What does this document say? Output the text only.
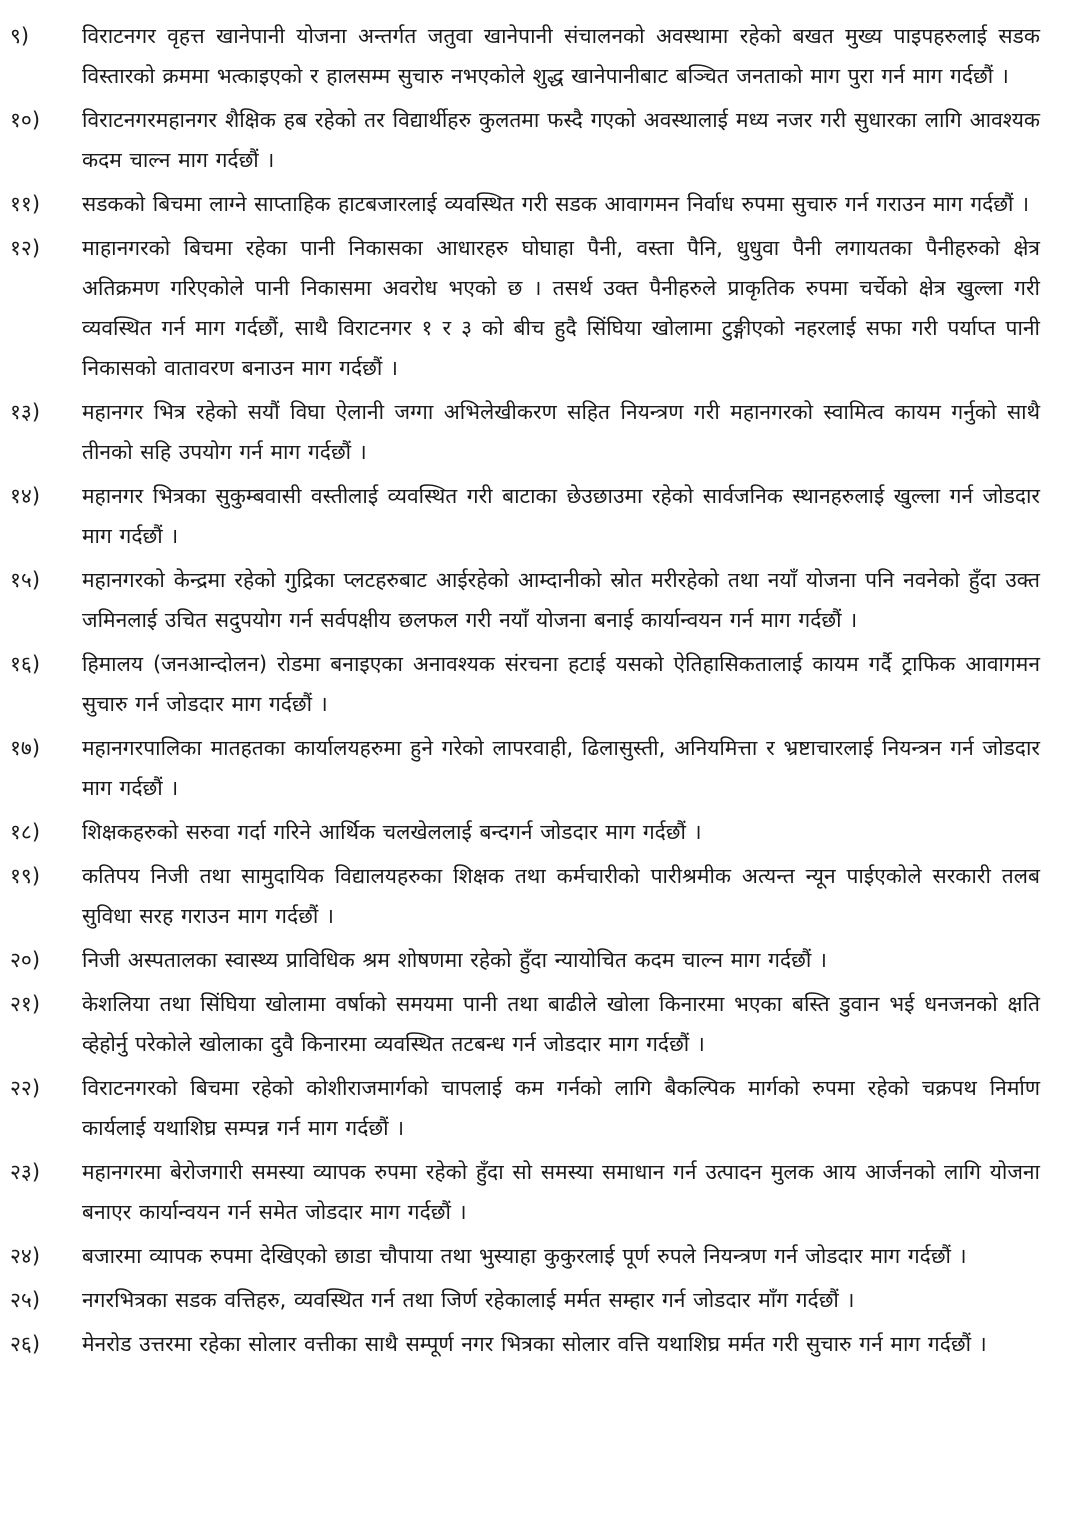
९)	विराटनगर वृहत्त खानेपानी योजना अन्तर्गत जतुवा खानेपानी संचालनको अवस्थामा रहेको बखत मुख्य पाइपहरुलाई सडक विस्तारको क्रममा भत्काइएको र हालसम्म सुचारु नभएकोले शुद्ध खानेपानीबाट बञ्चित जनताको माग पुरा गर्न माग गर्दछौं ।
१०)	विराटनगरमहानगर शैक्षिक हब रहेको तर विद्यार्थीहरु कुलतमा फस्दै गएको अवस्थालाई मध्य नजर गरी सुधारका लागि आवश्यक कदम चाल्न माग गर्दछौं ।
११)	सडकको बिचमा लाग्ने साप्ताहिक हाटबजारलाई व्यवस्थित गरी सडक आवागमन निर्वाध रुपमा सुचारु गर्न गराउन माग गर्दछौं ।
१२)	माहानगरको बिचमा रहेका पानी निकासका आधारहरु घोघाहा पैनी, वस्ता पैनि, धुधुवा पैनी लगायतका पैनीहरुको क्षेत्र अतिक्रमण गरिएकोले पानी निकासमा अवरोध भएको छ । तसर्थ उक्त पैनीहरुले प्राकृतिक रुपमा चर्चेको क्षेत्र खुल्ला गरी व्यवस्थित गर्न माग गर्दछौं, साथै विराटनगर १ र ३ को बीच हुदै सिंघिया खोलामा टुङ्गीएको नहरलाई सफा गरी पर्याप्त पानी निकासको वातावरण बनाउन माग गर्दछौं ।
१३)	महानगर भित्र रहेको सयौं विघा ऐलानी जग्गा अभिलेखीकरण सहित नियन्त्रण गरी महानगरको स्वामित्व कायम गर्नुको साथै तीनको सहि उपयोग गर्न माग गर्दछौं ।
१४)	महानगर भित्रका सुकुम्बवासी वस्तीलाई व्यवस्थित गरी बाटाका छेउछाउमा रहेको सार्वजनिक स्थानहरुलाई खुल्ला गर्न जोडदार माग गर्दछौं ।
१५)	महानगरको केन्द्रमा रहेको गुद्रिका प्लटहरुबाट आईरहेको आम्दानीको स्रोत मरीरहेको तथा नयाँ योजना पनि नवनेको हुँदा उक्त जमिनलाई उचित सदुपयोग गर्न सर्वपक्षीय छलफल गरी नयाँ योजना बनाई कार्यान्वयन गर्न माग गर्दछौं ।
१६)	हिमालय (जनआन्दोलन) रोडमा बनाइएका अनावश्यक संरचना हटाई यसको ऐतिहासिकतालाई कायम गर्दै ट्राफिक आवागमन सुचारु गर्न जोडदार माग गर्दछौं ।
१७)	महानगरपालिका मातहतका कार्यालयहरुमा हुने गरेको लापरवाही, ढिलासुस्ती, अनियमित्ता र भ्रष्टाचारलाई नियन्त्रन गर्न जोडदार माग गर्दछौं ।
१८)	शिक्षकहरुको सरुवा गर्दा गरिने आर्थिक चलखेललाई बन्दगर्न जोडदार माग गर्दछौं ।
१९)	कतिपय निजी तथा सामुदायिक विद्यालयहरुका शिक्षक तथा कर्मचारीको पारीश्रमीक अत्यन्त न्यून पाईएकोले सरकारी तलब सुविधा सरह गराउन माग गर्दछौं ।
२०)	निजी अस्पतालका स्वास्थ्य प्राविधिक श्रम शोषणमा रहेको हुँदा न्यायोचित कदम चाल्न माग गर्दछौं ।
२१)	केशलिया तथा सिंघिया खोलामा वर्षाको समयमा पानी तथा बाढीले खोला किनारमा भएका बस्ति डुवान भई धनजनको क्षति व्हेहोर्नु परेकोले खोलाका दुवै किनारमा व्यवस्थित तटबन्ध गर्न जोडदार माग गर्दछौं ।
२२)	विराटनगरको बिचमा रहेको कोशीराजमार्गको चापलाई कम गर्नको लागि बैकल्पिक मार्गको रुपमा रहेको चक्रपथ निर्माण कार्यलाई यथाशिघ्र सम्पन्न गर्न माग गर्दछौं ।
२३)	महानगरमा बेरोजगारी समस्या व्यापक रुपमा रहेको हुँदा सो समस्या समाधान गर्न उत्पादन मुलक आय आर्जनको लागि योजना बनाएर कार्यान्वयन गर्न समेत जोडदार माग गर्दछौं ।
२४)	बजारमा व्यापक रुपमा देखिएको छाडा चौपाया तथा भुस्याहा कुकुरलाई पूर्ण रुपले नियन्त्रण गर्न जोडदार माग गर्दछौं ।
२५)	नगरभित्रका सडक वत्तिहरु, व्यवस्थित गर्न तथा जिर्ण रहेकालाई मर्मत सम्हार गर्न जोडदार माँग गर्दछौं ।
२६)	मेनरोड उत्तरमा रहेका सोलार वत्तीका साथै सम्पूर्ण नगर भित्रका सोलार वत्ति यथाशिघ्र मर्मत गरी सुचारु गर्न माग गर्दछौं ।
